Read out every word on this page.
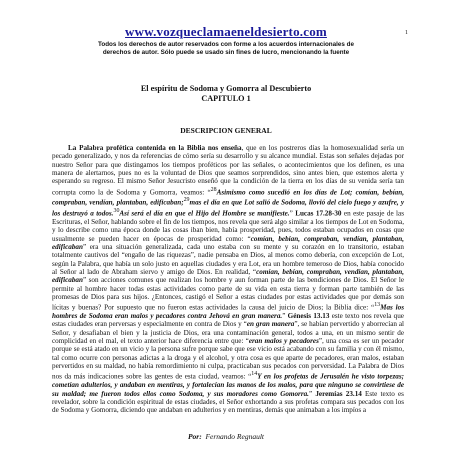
www.vozqueclamaeneldesierto.com	1
Todos los derechos de autor reservados con forme a los acuerdos internacionales de
derechos de autor. Sólo puede se usado sin fines de lucro, mencionando la fuente
El espíritu de Sodoma y Gomorra al Descubierto
CAPITULO 1
DESCRIPCION GENERAL
La Palabra profética contenida en la Biblia nos enseña, que en los postreros días la homosexualidad sería un pecado generalizado, y nos da referencias de cómo sería su desarrollo y su alcance mundial. Estas son señales dejadas por nuestro Señor para que distingamos los tiempos proféticos por las señales, o acontecimientos que los definen, es una manera de alertarnos, pues no es la voluntad de Dios que seamos sorprendidos, sino antes bien, que estemos alerta y esperando su regreso. El mismo Señor Jesucristo enseñó que la condición de la tierra en los días de su venida sería tan corrupta como la de Sodoma y Gomorra, veamos: “$^{28}$Asimismo como sucedió en los días de Lot; comían, bebían, compraban, vendían, plantaban, edificaban;$^{29}$mas el día en que Lot salió de Sodoma, llovió del cielo fuego y azufre, y los destruyó a todos.$^{30}$Así será el día en que el Hijo del Hombre se manifieste.” Lucas 17.28-30 en este pasaje de las Escrituras, el Señor, hablando sobre el fin de los tiempos, nos revela que será algo similar a los tiempos de Lot en Sodoma, y lo describe como una época donde las cosas iban bien, había prosperidad, pues, todos estaban ocupados en cosas que usualmente se pueden hacer en épocas de prosperidad como: “comían, bebían, compraban, vendían, plantaban, edificaban” era una situación generalizada, cada uno estaba con su mente y su corazón en lo transitorio, estaban totalmente cautivos del “engaño de las riquezas”, nadie pensaba en Dios, al menos como debería, con excepción de Lot, según la Palabra, que había un solo justo en aquellas ciudades y era Lot, era un hombre temeroso de Dios, había conocido al Señor al lado de Abraham siervo y amigo de Dios. En realidad, “comían, bebían, compraban, vendían, plantaban, edificaban” son acciones comunes que realizan los hombre y aun forman parte de las bendiciones de Dios. El Señor le permite al hombre hacer todas estas actividades como parte de su vida en esta tierra y forman parte también de las promesas de Dios para sus hijos. ¿Entonces, castigó el Señor a estas ciudades por estas actividades que por demás son lícitas y buenas? Por supuesto que no fueron estas actividades la causa del juicio de Dios; la Biblia dice: “$^{13}$Mas los hombres de Sodoma eran malos y pecadores contra Jehová en gran manera.” Génesis 13.13 este texto nos revela que estas ciudades eran perversas y especialmente en contra de Dios y “en gran manera”, se habían pervertido y aborrecían al Señor, y desafiaban el bien y la justicia de Dios, era una contaminación general, todos a una, en un mismo sentir de complicidad en el mal, el texto anterior hace diferencia entre que: “eran malos y pecadores”, una cosa es ser un pecador porque se está atado en un vicio y la persona sufre porque sabe que ese vicio está acabando con su familia y con él mismo, tal como ocurre con personas adictas a la droga y el alcohol, y otra cosa es que aparte de pecadores, eran malos, estaban pervertidos en su maldad, no había remordimiento ni culpa, practicaban sus pecados con perversidad. La Palabra de Dios nos da más indicaciones sobre las gentes de esta ciudad, veamos: “$^{14}$Y en los profetas de Jerusalén he visto torpezas; cometían adulterios, y andaban en mentiras, y fortalecían las manos de los malos, para que ninguno se convirtiese de su maldad; me fueron todos ellos como Sodoma, y sus moradores como Gomorra.” Jeremías 23.14 Este texto es revelador, sobre la condición espiritual de estas ciudades, el Señor exhortando a sus profetas compara sus pecados con los de Sodoma y Gomorra, diciendo que andaban en adulterios y en mentiras, demás que animaban a los impíos a
Por: Fernando Regnault
